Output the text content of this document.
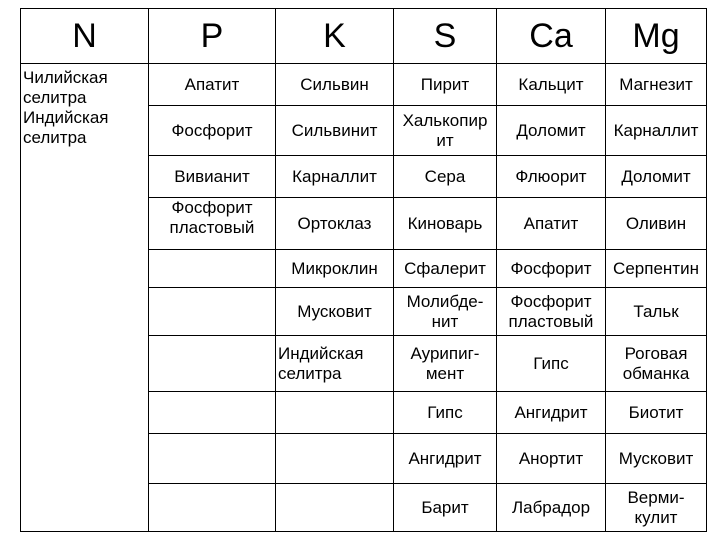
N	P	K	S	Ca	Mg

Чилийская селитра
Индийская селитра	Апатит	Сильвин	Пирит	Кальцит	Магнезит

	Фосфорит	Сильвинит	Халькопир
ит	Доломит	Карналлит

	Вивианит	Карналлит	Сера	Флюорит	Доломит

	Фосфорит
пластовый	Ортоклаз	Киноварь	Апатит	Оливин

		Микроклин	Сфалерит	Фосфорит	Серпентин

		Мусковит	Молибде-
нит	Фосфорит
пластовый	Тальк

		Индийская
селитра	Аурипиг-
мент	Гипс	Роговая
обманка

			Гипс	Ангидрит	Биотит

			Ангидрит	Анортит	Мусковит

			Барит	Лабрадор	Верми-
кулит
